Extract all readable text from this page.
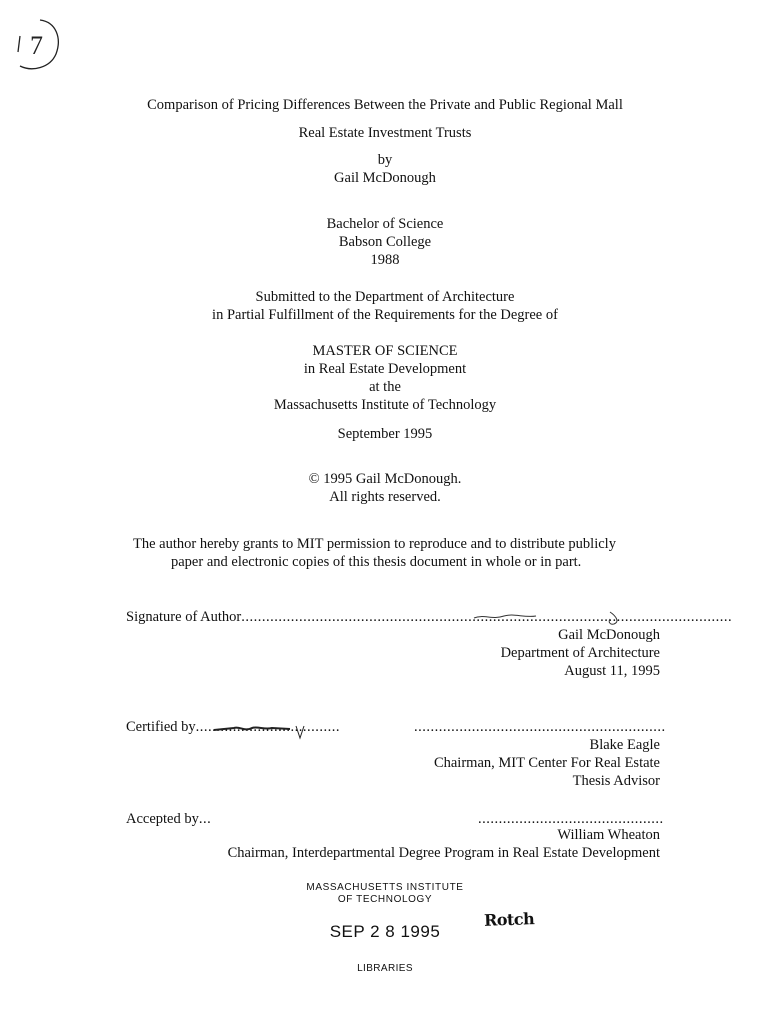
7
Comparison of Pricing Differences Between the Private and Public Regional Mall
Real Estate Investment Trusts
by
Gail McDonough
Bachelor of Science
Babson College
1988
Submitted to the Department of Architecture
in Partial Fulfillment of the Requirements for the Degree of
MASTER OF SCIENCE
in Real Estate Development
at the
Massachusetts Institute of Technology
September 1995
© 1995 Gail McDonough.
All rights reserved.
The author hereby grants to MIT permission to reproduce and to distribute publicly
paper and electronic copies of this thesis document in whole or in part.
Signature of Author.......................................................................................................................
Gail McDonough
Department of Architecture
August 11, 1995
Certified by...................................	.............................................................
Blake Eagle
Chairman, MIT Center For Real Estate
Thesis Advisor
Accepted by...	.............................................
William Wheaton
Chairman, Interdepartmental Degree Program in Real Estate Development
MASSACHUSETTS INSTITUTE
OF TECHNOLOGY
SEP 2 8 1995
Rotch
LIBRARIES
